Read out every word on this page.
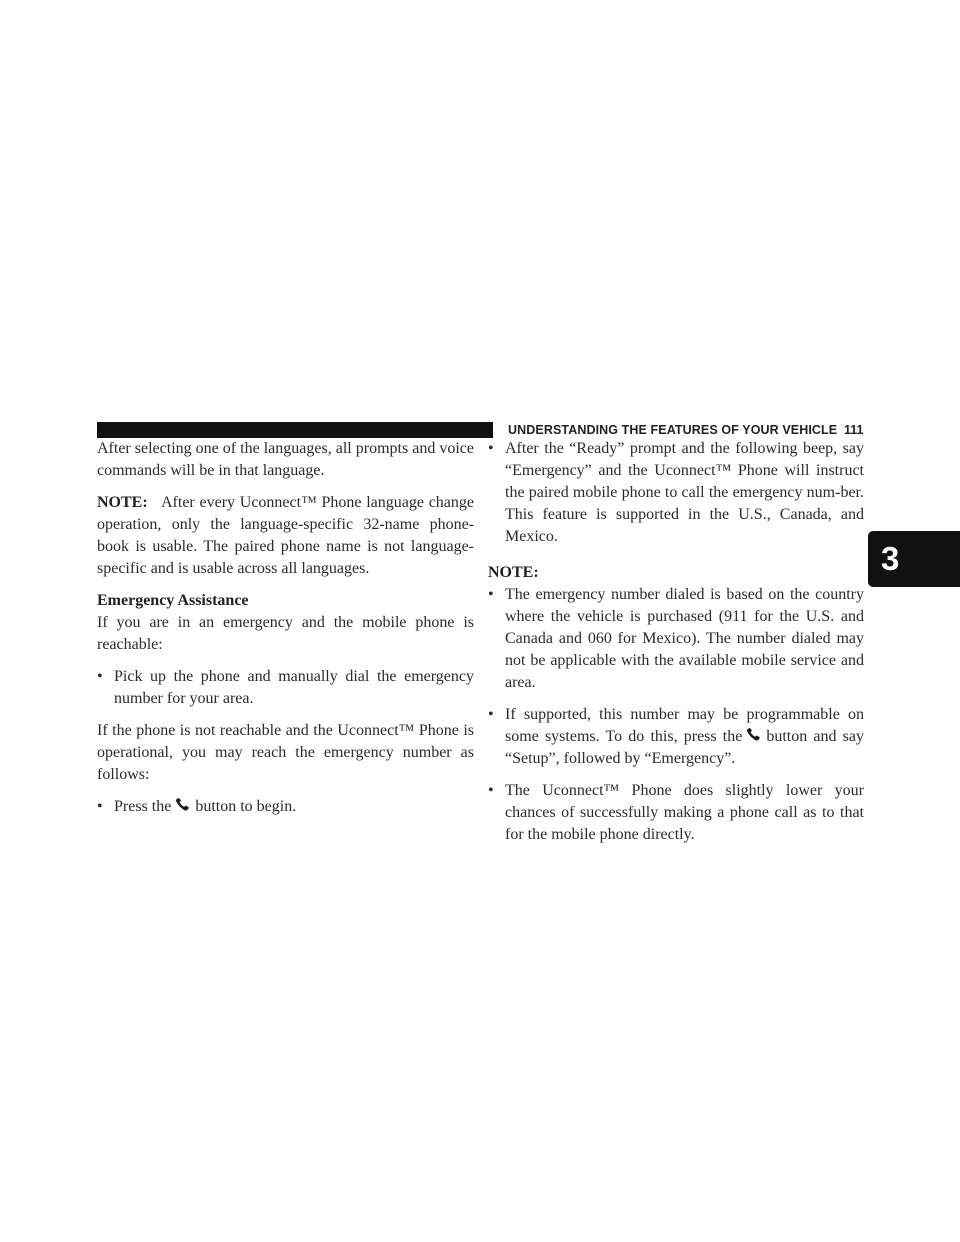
UNDERSTANDING THE FEATURES OF YOUR VEHICLE 111
3

After selecting one of the languages, all prompts and voice commands will be in that language.

NOTE: After every Uconnect™ Phone language change operation, only the language-specific 32-name phone-book is usable. The paired phone name is not language-specific and is usable across all languages.

Emergency Assistance

If you are in an emergency and the mobile phone is reachable:

• Pick up the phone and manually dial the emergency number for your area.

If the phone is not reachable and the Uconnect™ Phone is operational, you may reach the emergency number as follows:

• Press the button to begin.
• After the “Ready” prompt and the following beep, say “Emergency” and the Uconnect™ Phone will instruct the paired mobile phone to call the emergency num-ber. This feature is supported in the U.S., Canada, and Mexico.

NOTE:

• The emergency number dialed is based on the country where the vehicle is purchased (911 for the U.S. and Canada and 060 for Mexico). The number dialed may not be applicable with the available mobile service and area.
• If supported, this number may be programmable on some systems. To do this, press the button and say “Setup”, followed by “Emergency”.
• The Uconnect™ Phone does slightly lower your chances of successfully making a phone call as to that for the mobile phone directly.
